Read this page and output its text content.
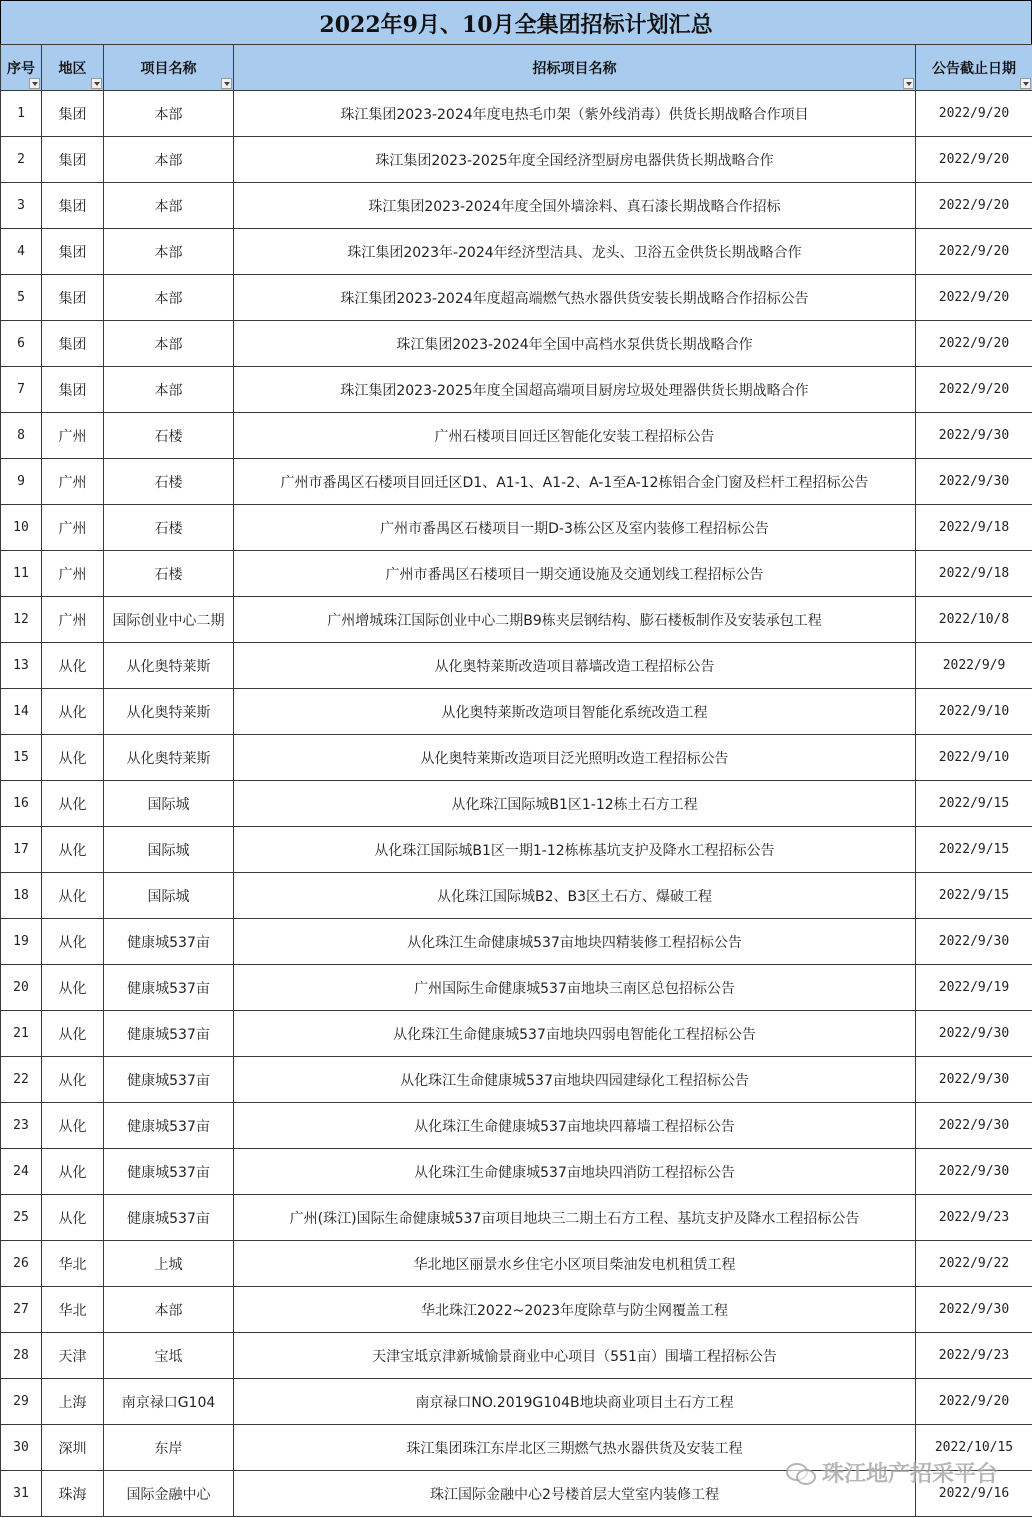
2022年9月、10月全集团招标计划汇总
序号	地区	项目名称	招标项目名称	公告截止日期

1	集团	本部	珠江集团2023-2024年度电热毛巾架（紫外线消毒）供货长期战略合作项目	2022/9/20
2	集团	本部	珠江集团2023-2025年度全国经济型厨房电器供货长期战略合作	2022/9/20
3	集团	本部	珠江集团2023-2024年度全国外墙涂料、真石漆长期战略合作招标	2022/9/20
4	集团	本部	珠江集团2023年-2024年经济型洁具、龙头、卫浴五金供货长期战略合作	2022/9/20
5	集团	本部	珠江集团2023-2024年度超高端燃气热水器供货安装长期战略合作招标公告	2022/9/20
6	集团	本部	珠江集团2023-2024年全国中高档水泵供货长期战略合作	2022/9/20
7	集团	本部	珠江集团2023-2025年度全国超高端项目厨房垃圾处理器供货长期战略合作	2022/9/20
8	广州	石楼	广州石楼项目回迁区智能化安装工程招标公告	2022/9/30
9	广州	石楼	广州市番禺区石楼项目回迁区D1、A1-1、A1-2、A-1至A-12栋铝合金门窗及栏杆工程招标公告	2022/9/30
10	广州	石楼	广州市番禺区石楼项目一期D-3栋公区及室内装修工程招标公告	2022/9/18
11	广州	石楼	广州市番禺区石楼项目一期交通设施及交通划线工程招标公告	2022/9/18
12	广州	国际创业中心二期	广州增城珠江国际创业中心二期B9栋夹层钢结构、膨石楼板制作及安装承包工程	2022/10/8
13	从化	从化奥特莱斯	从化奥特莱斯改造项目幕墙改造工程招标公告	2022/9/9
14	从化	从化奥特莱斯	从化奥特莱斯改造项目智能化系统改造工程	2022/9/10
15	从化	从化奥特莱斯	从化奥特莱斯改造项目泛光照明改造工程招标公告	2022/9/10
16	从化	国际城	从化珠江国际城B1区1-12栋土石方工程	2022/9/15
17	从化	国际城	从化珠江国际城B1区一期1-12栋栋基坑支护及降水工程招标公告	2022/9/15
18	从化	国际城	从化珠江国际城B2、B3区土石方、爆破工程	2022/9/15
19	从化	健康城537亩	从化珠江生命健康城537亩地块四精装修工程招标公告	2022/9/30
20	从化	健康城537亩	广州国际生命健康城537亩地块三南区总包招标公告	2022/9/19
21	从化	健康城537亩	从化珠江生命健康城537亩地块四弱电智能化工程招标公告	2022/9/30
22	从化	健康城537亩	从化珠江生命健康城537亩地块四园建绿化工程招标公告	2022/9/30
23	从化	健康城537亩	从化珠江生命健康城537亩地块四幕墙工程招标公告	2022/9/30
24	从化	健康城537亩	从化珠江生命健康城537亩地块四消防工程招标公告	2022/9/30
25	从化	健康城537亩	广州(珠江)国际生命健康城537亩项目地块三二期土石方工程、基坑支护及降水工程招标公告	2022/9/23
26	华北	上城	华北地区丽景水乡住宅小区项目柴油发电机租赁工程	2022/9/22
27	华北	本部	华北珠江2022~2023年度除草与防尘网覆盖工程	2022/9/30
28	天津	宝坻	天津宝坻京津新城愉景商业中心项目（551亩）围墙工程招标公告	2022/9/23
29	上海	南京禄口G104	南京禄口NO.2019G104B地块商业项目土石方工程	2022/9/20
30	深圳	东岸	珠江集团珠江东岸北区三期燃气热水器供货及安装工程	2022/10/15
31	珠海	国际金融中心	珠江国际金融中心2号楼首层大堂室内装修工程	2022/9/16
珠江地产招采平台
